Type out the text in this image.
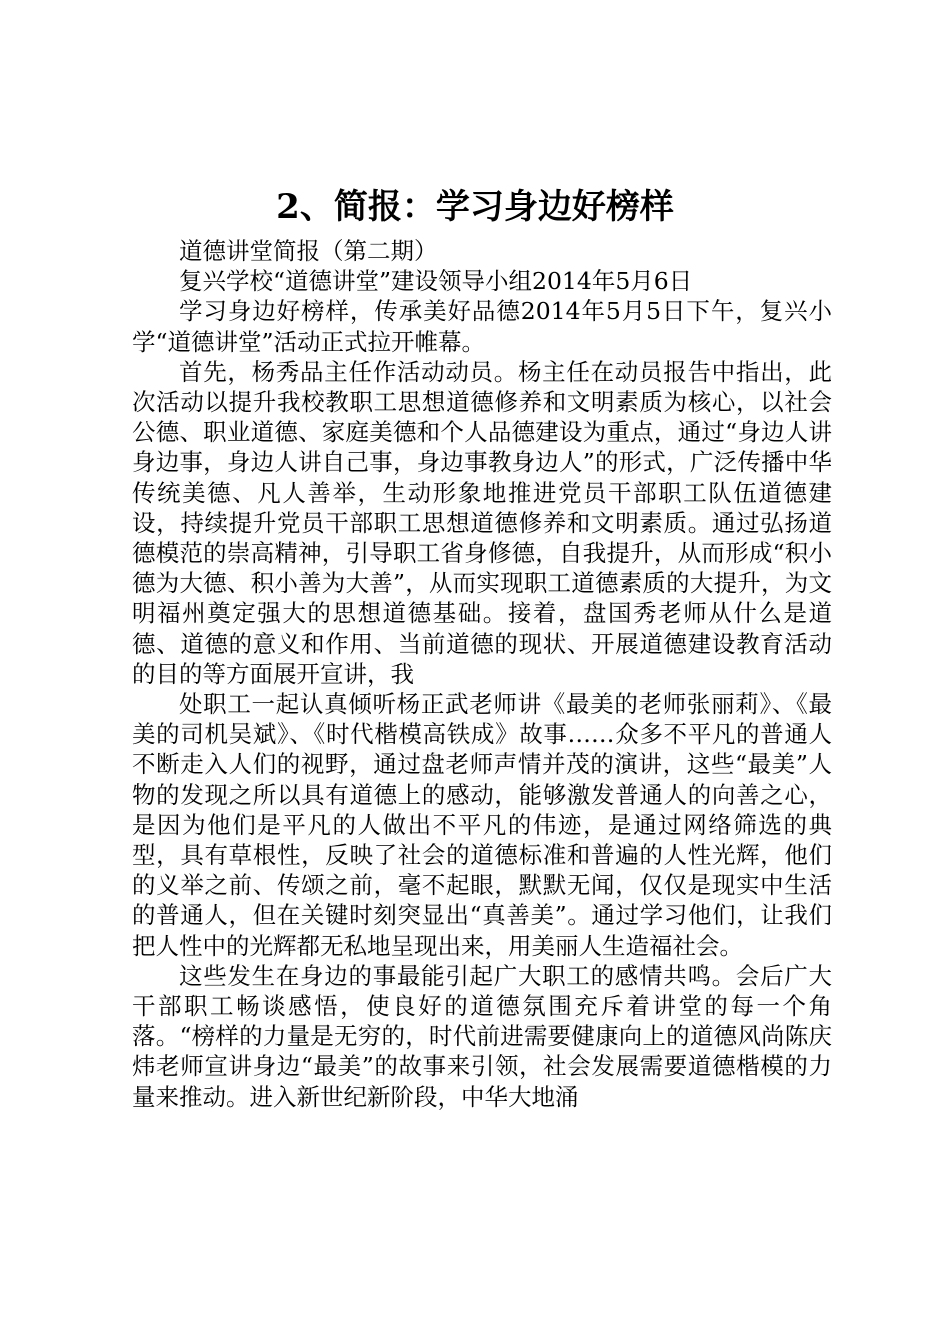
2、简报：学习身边好榜样

道德讲堂简报（第二期）

复兴学校“道德讲堂”建设领导小组2014年5月6日

学习身边好榜样，传承美好品德2014年5月5日下午，复兴小学“道德讲堂”活动正式拉开帷幕。

首先，杨秀品主任作活动动员。杨主任在动员报告中指出，此次活动以提升我校教职工思想道德修养和文明素质为核心，以社会公德、职业道德、家庭美德和个人品德建设为重点，通过“身边人讲身边事，身边人讲自己事，身边事教身边人”的形式，广泛传播中华传统美德、凡人善举，生动形象地推进党员干部职工队伍道德建设，持续提升党员干部职工思想道德修养和文明素质。通过弘扬道德模范的崇高精神，引导职工省身修德，自我提升，从而形成“积小德为大德、积小善为大善”，从而实现职工道德素质的大提升，为文明福州奠定强大的思想道德基础。接着，盘国秀老师从什么是道德、道德的意义和作用、当前道德的现状、开展道德建设教育活动的目的等方面展开宣讲，我

处职工一起认真倾听杨正武老师讲《最美的老师张丽莉》、《最美的司机吴斌》、《时代楷模高铁成》故事……众多不平凡的普通人不断走入人们的视野，通过盘老师声情并茂的演讲，这些“最美”人物的发现之所以具有道德上的感动，能够激发普通人的向善之心，是因为他们是平凡的人做出不平凡的伟迹，是通过网络筛选的典型，具有草根性，反映了社会的道德标准和普遍的人性光辉，他们的义举之前、传颂之前，毫不起眼，默默无闻，仅仅是现实中生活的普通人，但在关键时刻突显出“真善美”。通过学习他们，让我们把人性中的光辉都无私地呈现出来，用美丽人生造福社会。

这些发生在身边的事最能引起广大职工的感情共鸣。会后广大干部职工畅谈感悟，使良好的道德氛围充斥着讲堂的每一个角落。“榜样的力量是无穷的，时代前进需要健康向上的道德风尚陈庆炜老师宣讲身边“最美”的故事来引领，社会发展需要道德楷模的力量来推动。进入新世纪新阶段，中华大地涌
